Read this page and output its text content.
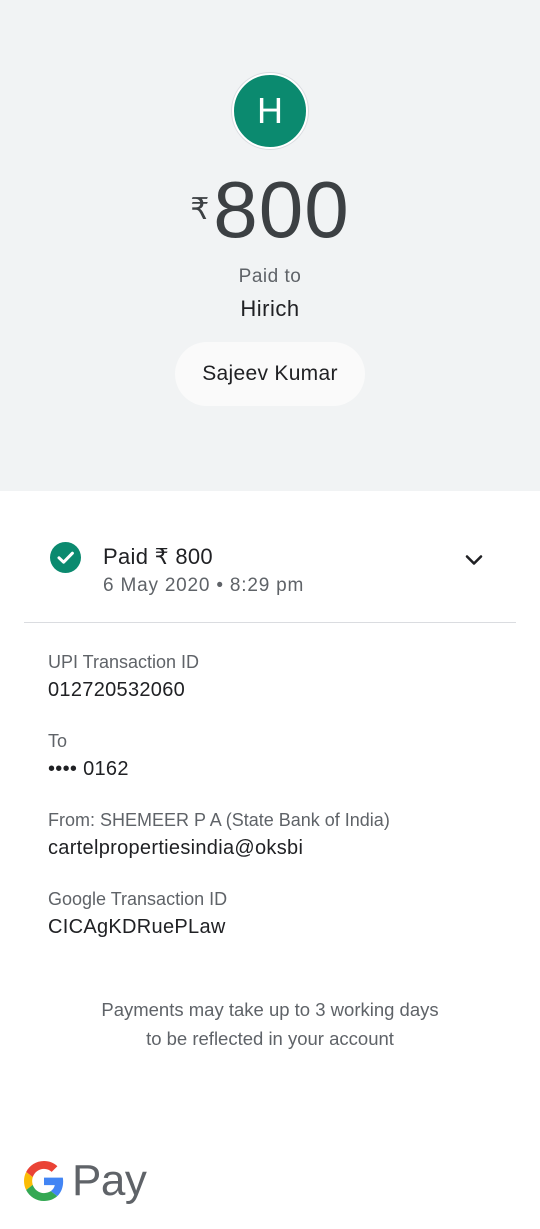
H
₹ 800
Paid to
Hirich
Sajeev Kumar
Paid ₹ 800
6 May 2020 • 8:29 pm
UPI Transaction ID
012720532060
To
•••• 0162
From: SHEMEER P A (State Bank of India)
cartelpropertiesindia@oksbi
Google Transaction ID
CICAgKDRuePLaw
Payments may take up to 3 working days
to be reflected in your account
Pay
